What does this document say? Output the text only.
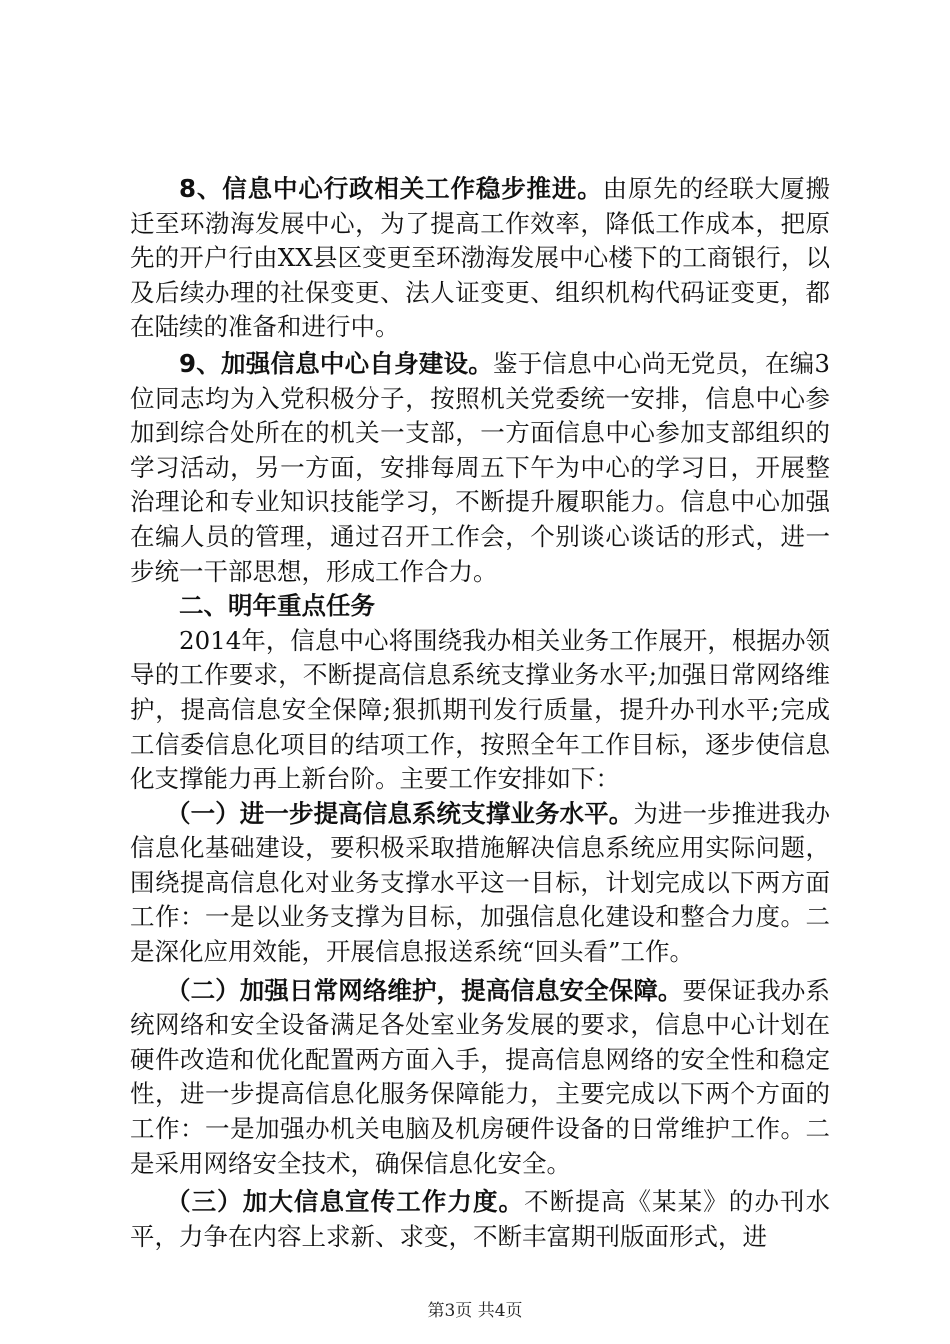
8、信息中心行政相关工作稳步推进。由原先的经联大厦搬迁至环渤海发展中心，为了提高工作效率，降低工作成本，把原先的开户行由XX县区变更至环渤海发展中心楼下的工商银行，以及后续办理的社保变更、法人证变更、组织机构代码证变更，都在陆续的准备和进行中。

9、加强信息中心自身建设。鉴于信息中心尚无党员，在编3位同志均为入党积极分子，按照机关党委统一安排，信息中心参加到综合处所在的机关一支部，一方面信息中心参加支部组织的学习活动，另一方面，安排每周五下午为中心的学习日，开展整治理论和专业知识技能学习，不断提升履职能力。信息中心加强在编人员的管理，通过召开工作会，个别谈心谈话的形式，进一步统一干部思想，形成工作合力。

二、明年重点任务

2014年，信息中心将围绕我办相关业务工作展开，根据办领导的工作要求，不断提高信息系统支撑业务水平;加强日常网络维护，提高信息安全保障;狠抓期刊发行质量，提升办刊水平;完成工信委信息化项目的结项工作，按照全年工作目标，逐步使信息化支撑能力再上新台阶。主要工作安排如下：

（一）进一步提高信息系统支撑业务水平。为进一步推进我办信息化基础建设，要积极采取措施解决信息系统应用实际问题，围绕提高信息化对业务支撑水平这一目标，计划完成以下两方面工作：一是以业务支撑为目标，加强信息化建设和整合力度。二是深化应用效能，开展信息报送系统“回头看”工作。

（二）加强日常网络维护，提高信息安全保障。要保证我办系统网络和安全设备满足各处室业务发展的要求，信息中心计划在硬件改造和优化配置两方面入手，提高信息网络的安全性和稳定性，进一步提高信息化服务保障能力，主要完成以下两个方面的工作：一是加强办机关电脑及机房硬件设备的日常维护工作。二是采用网络安全技术，确保信息化安全。

（三）加大信息宣传工作力度。不断提高《某某》的办刊水平，力争在内容上求新、求变，不断丰富期刊版面形式，进

第3页 共4页
